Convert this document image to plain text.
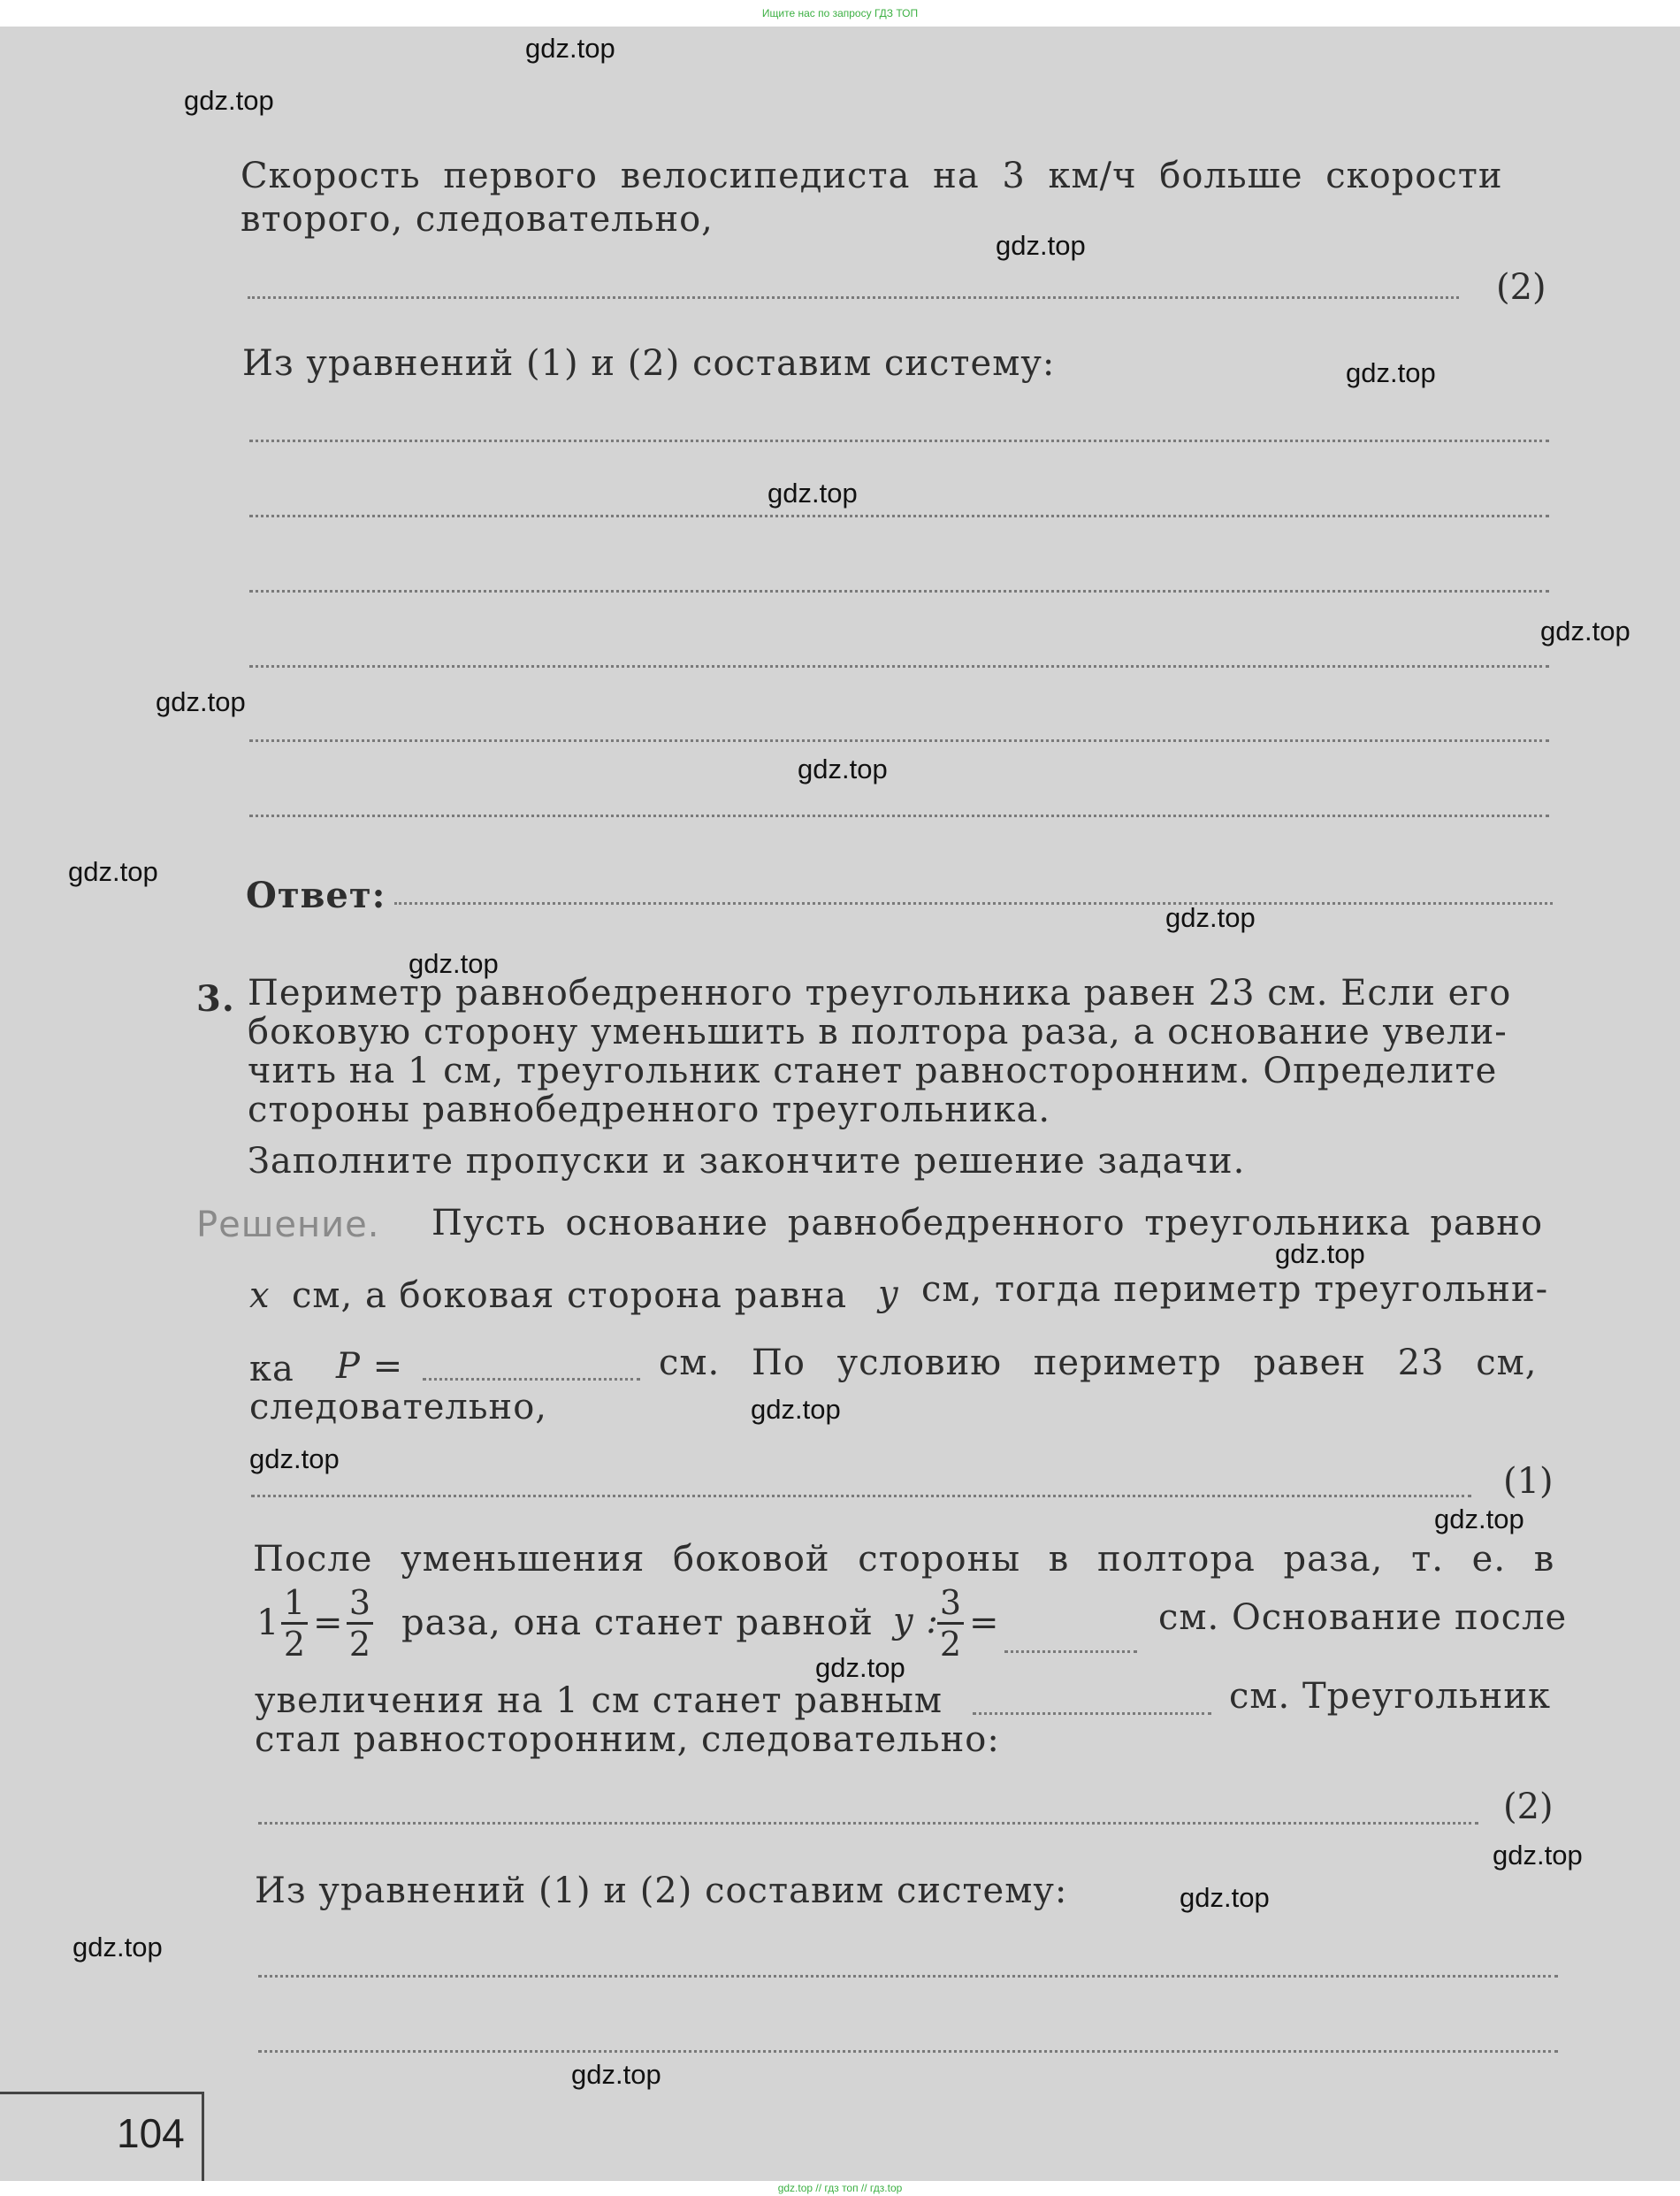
Ищите нас по запросу ГДЗ ТОП
Скорость первого велосипедиста на 3 км/ч больше скорости
второго, следовательно,
(2)
Из уравнений (1) и (2) составим систему:
Ответ:
3. Периметр равнобедренного треугольника равен 23 см. Если его
боковую сторону уменьшить в полтора раза, а основание увели-
чить на 1 см, треугольник станет равносторонним. Определите
стороны равнобедренного треугольника.
Заполните пропуски и закончите решение задачи.
Решение. Пусть основание равнобедренного треугольника равно
x см, а боковая сторона равна y см, тогда периметр треугольни-
ка P =	см. По условию периметр равен 23 см,
следовательно,
(1)
После уменьшения боковой стороны в полтора раза, т. е. в
1 1
2
= 3
2
раза, она станет равной y : 3
2
=	см. Основание после
увеличения на 1 см станет равным	см. Треугольник
стал равносторонним, следовательно:
(2)
Из уравнений (1) и (2) составим систему:
104
gdz.top
gdz.top
gdz.top
gdz.top
gdz.top
gdz.top
gdz.top
gdz.top
gdz.top
gdz.top
gdz.top
gdz.top
gdz.top
gdz.top
gdz.top
gdz.top
gdz.top
gdz.top
gdz.top
gdz.top
gdz.top // гдз топ // гдз.top
